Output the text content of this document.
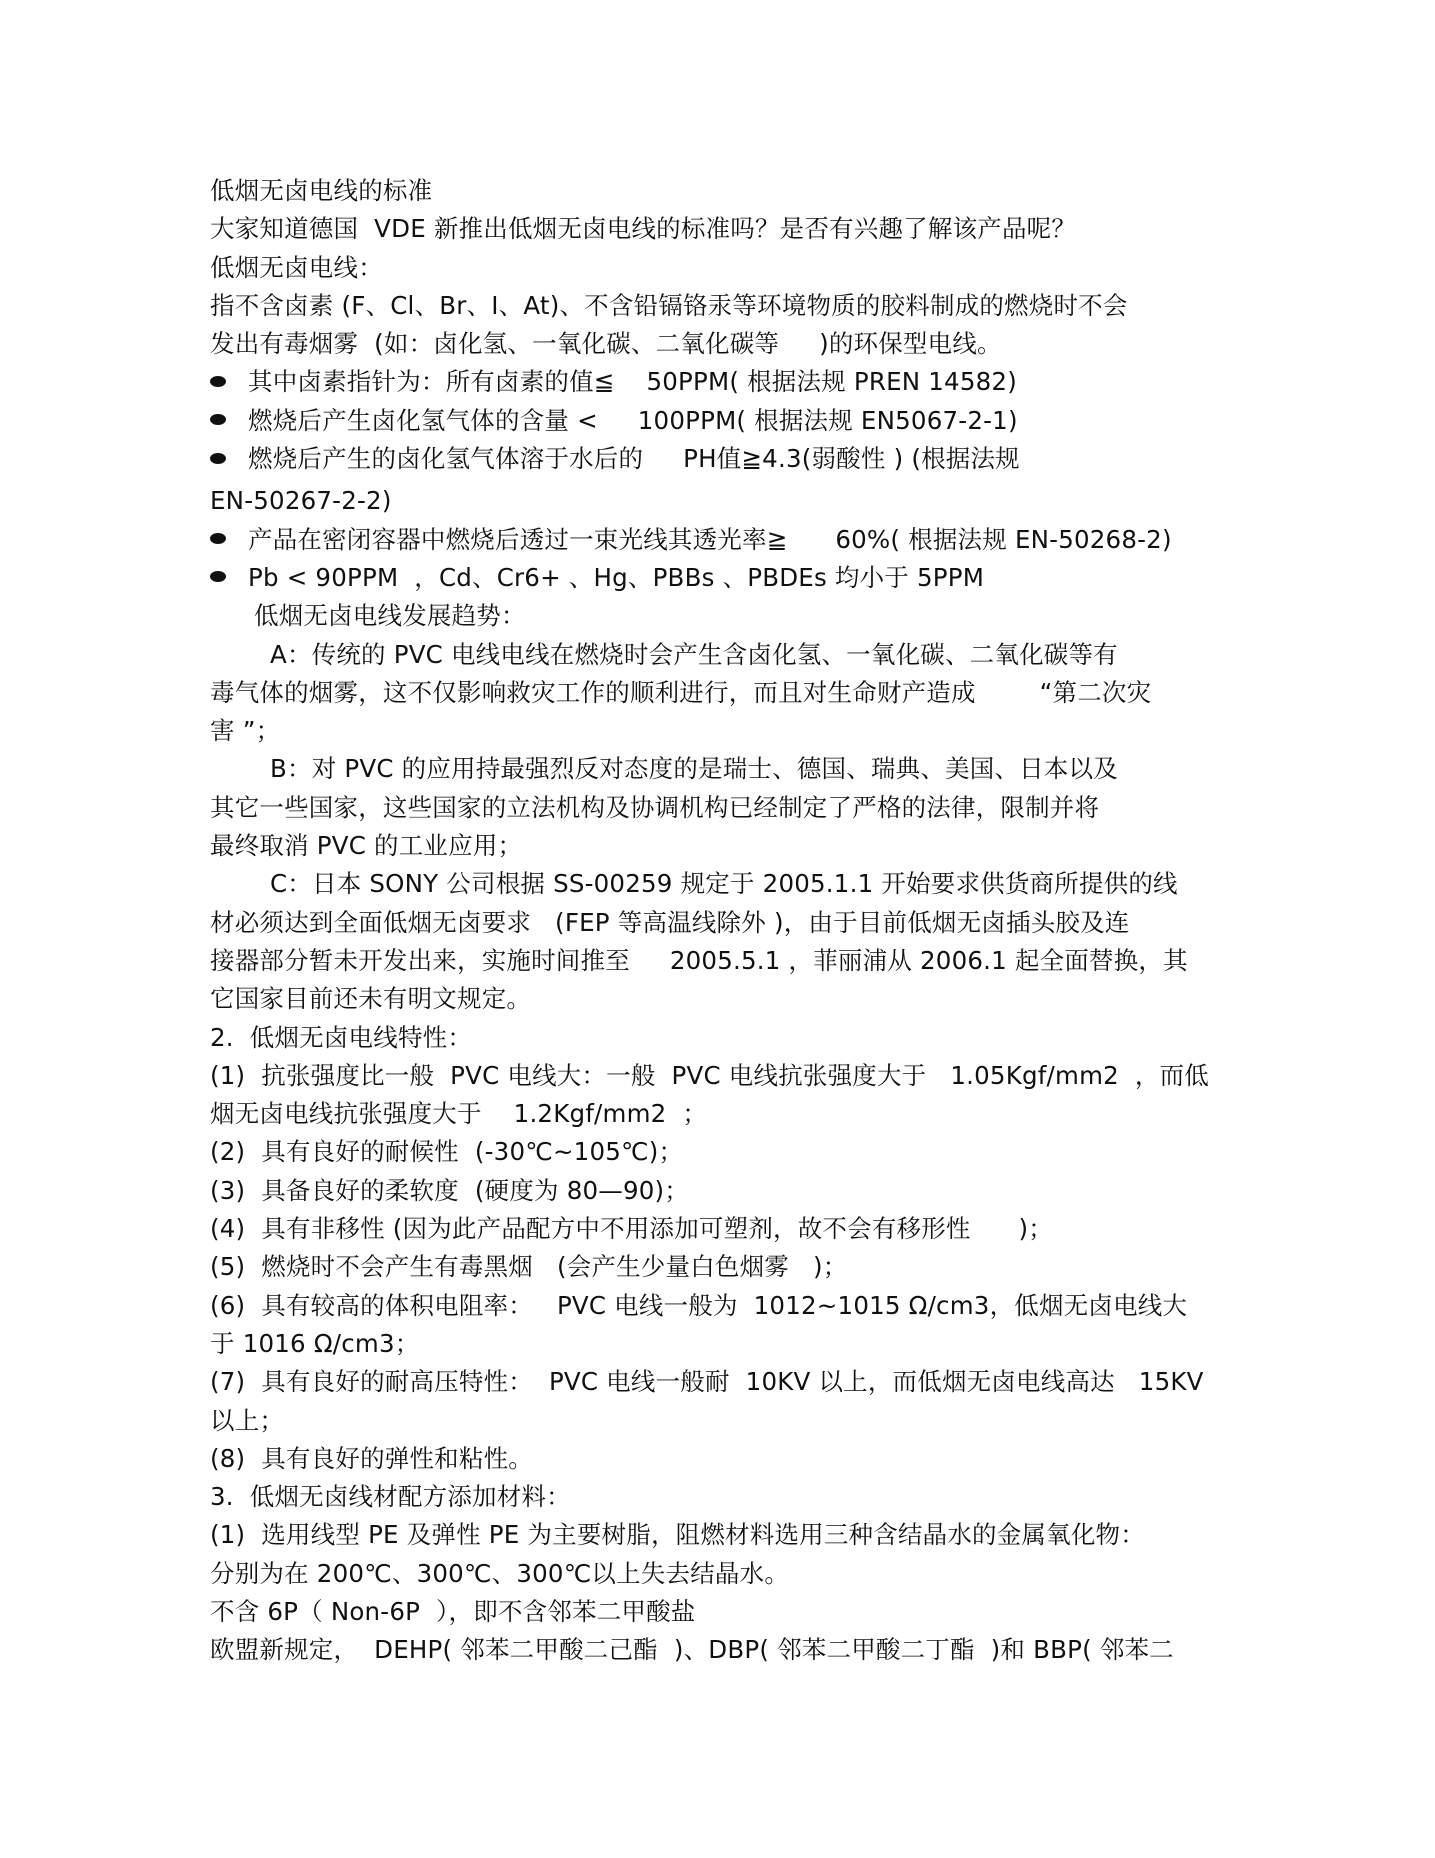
低烟无卤电线的标准
大家知道德国  VDE 新推出低烟无卤电线的标准吗？是否有兴趣了解该产品呢？
低烟无卤电线：
指不含卤素 (F、Cl、Br、I、At)、不含铅镉铬汞等环境物质的胶料制成的燃烧时不会
发出有毒烟雾  (如：卤化氢、一氧化碳、二氧化碳等     )的环保型电线。
其中卤素指针为：所有卤素的值≦    50PPM( 根据法规 PREN 14582)
燃烧后产生卤化氢气体的含量 <     100PPM( 根据法规 EN5067-2-1)
燃烧后产生的卤化氢气体溶于水后的     PH值≧4.3(弱酸性 ) (根据法规
EN-50267-2-2)
产品在密闭容器中燃烧后透过一束光线其透光率≧      60%( 根据法规 EN-50268-2)
Pb < 90PPM  ，Cd、Cr6+ 、Hg、PBBs 、PBDEs 均小于 5PPM
低烟无卤电线发展趋势：
A：传统的 PVC 电线电线在燃烧时会产生含卤化氢、一氧化碳、二氧化碳等有
毒气体的烟雾，这不仅影响救灾工作的顺利进行，而且对生命财产造成        “第二次灾
害 ”；
B：对 PVC 的应用持最强烈反对态度的是瑞士、德国、瑞典、美国、日本以及
其它一些国家，这些国家的立法机构及协调机构已经制定了严格的法律，限制并将
最终取消 PVC 的工业应用；
C：日本 SONY 公司根据 SS-00259 规定于 2005.1.1 开始要求供货商所提供的线
材必须达到全面低烟无卤要求   (FEP 等高温线除外 )，由于目前低烟无卤插头胶及连
接器部分暂未开发出来，实施时间推至     2005.5.1 ，菲丽浦从 2006.1 起全面替换，其
它国家目前还未有明文规定。
2.  低烟无卤电线特性：
(1)  抗张强度比一般  PVC 电线大：一般  PVC 电线抗张强度大于   1.05Kgf/mm2  ，而低
烟无卤电线抗张强度大于    1.2Kgf/mm2  ；
(2)  具有良好的耐候性  (-30℃~105℃)；
(3)  具备良好的柔软度  (硬度为 80—90)；
(4)  具有非移性 (因为此产品配方中不用添加可塑剂，故不会有移形性      )；
(5)  燃烧时不会产生有毒黑烟   (会产生少量白色烟雾   )；
(6)  具有较高的体积电阻率：   PVC 电线一般为  1012~1015 Ω/cm3，低烟无卤电线大
于 1016 Ω/cm3；
(7)  具有良好的耐高压特性：  PVC 电线一般耐  10KV 以上，而低烟无卤电线高达   15KV
以上；
(8)  具有良好的弹性和粘性。
3.  低烟无卤线材配方添加材料：
(1)  选用线型 PE 及弹性 PE 为主要树脂，阻燃材料选用三种含结晶水的金属氧化物：
分别为在 200℃、300℃、300℃以上失去结晶水。
不含 6P（ Non-6P  ），即不含邻苯二甲酸盐
欧盟新规定，  DEHP( 邻苯二甲酸二己酯  )、DBP( 邻苯二甲酸二丁酯  )和 BBP( 邻苯二
